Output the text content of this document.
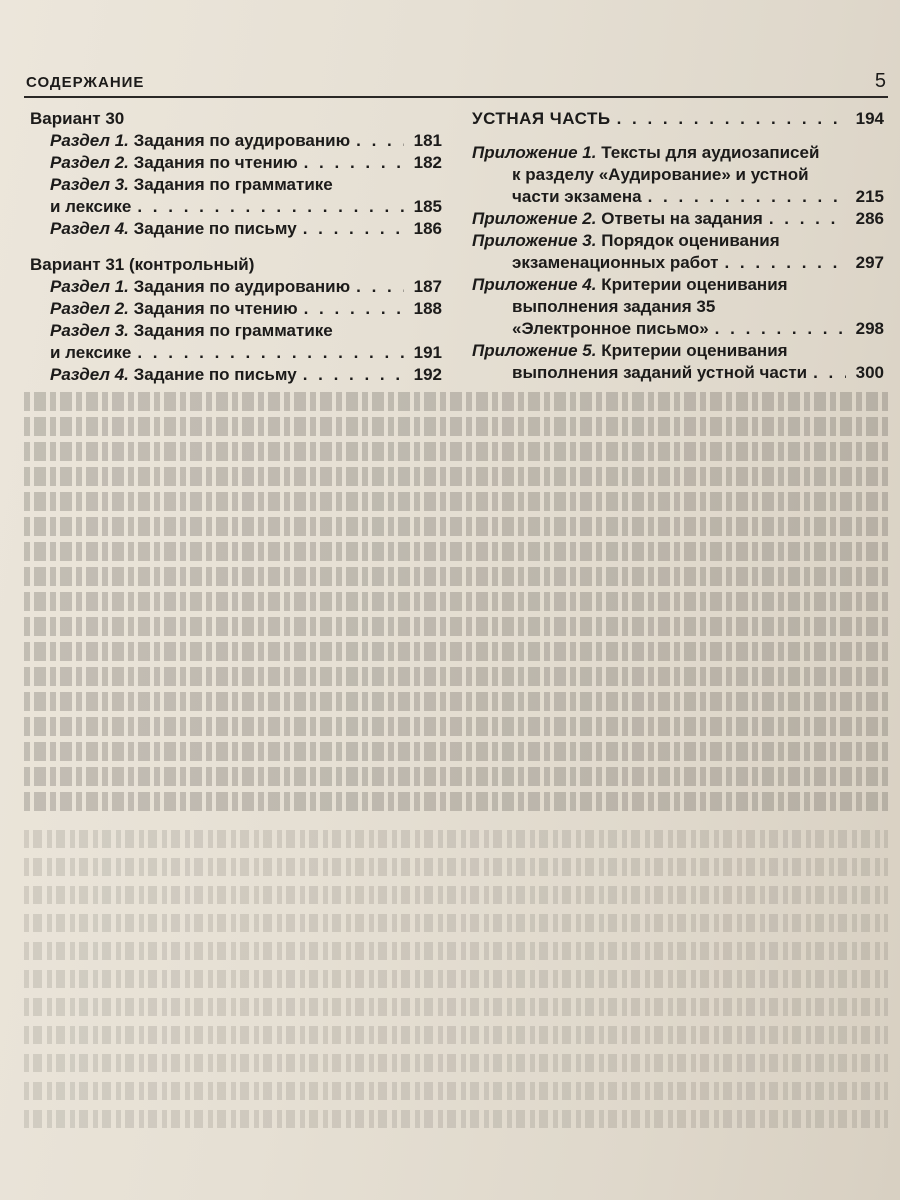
СОДЕРЖАНИЕ	5
Вариант 30
Раздел 1. Задания по аудированию . . .	181
Раздел 2. Задания по чтению . . .	182
Раздел 3. Задания по грамматике
и лексике . . .	185
Раздел 4. Задание по письму . . .	186
Вариант 31 (контрольный)
Раздел 1. Задания по аудированию . . .	187
Раздел 2. Задания по чтению . . .	188
Раздел 3. Задания по грамматике
и лексике . . .	191
Раздел 4. Задание по письму . . .	192
УСТНАЯ ЧАСТЬ . . .	194
Приложение 1. Тексты для аудиозаписей
к разделу «Аудирование» и устной
части экзамена . . .	215
Приложение 2. Ответы на задания . . .	286
Приложение 3. Порядок оценивания
экзаменационных работ . . .	297
Приложение 4. Критерии оценивания
выполнения задания 35
«Электронное письмо» . . .	298
Приложение 5. Критерии оценивания
выполнения заданий устной части . . .	300
